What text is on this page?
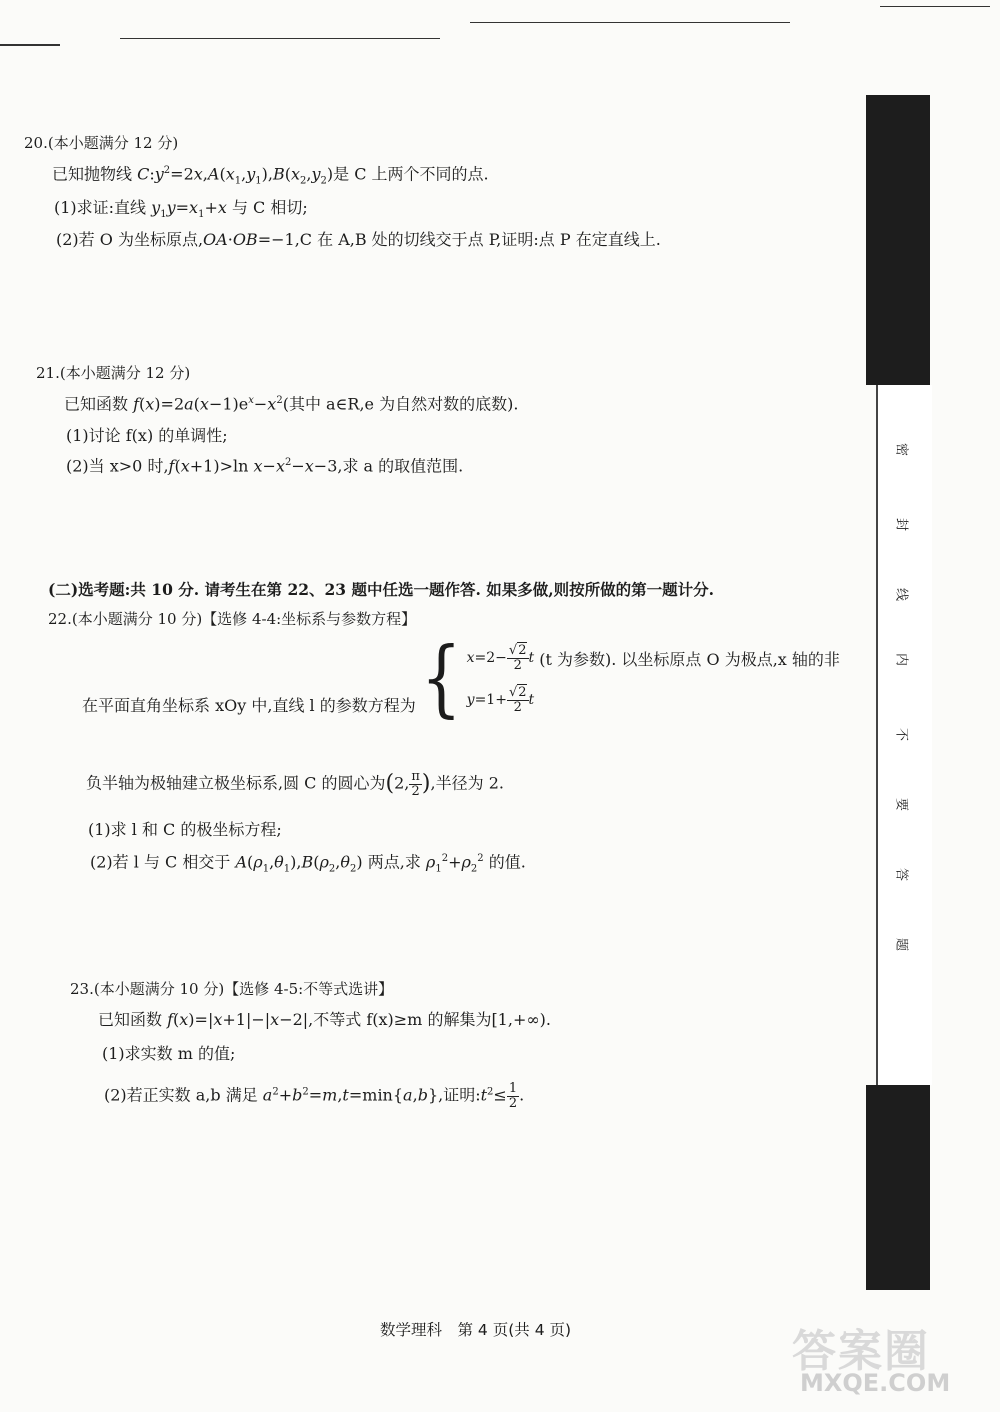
20.(本小题满分 12 分)
已知抛物线 $C:y^2=2x,A(x_1,y_1),B(x_2,y_2)$是 C 上两个不同的点.
(1)求证:直线 $y_1y=x_1+x$ 与 C 相切;
(2)若 O 为坐标原点,OA·OB=−1,C 在 A,B 处的切线交于点 P,证明:点 P 在定直线上.
21.(本小题满分 12 分)
已知函数 $f(x)=2a(x-1)e^x-x^2$(其中 a∈R,e 为自然对数的底数).
(1)讨论 f(x) 的单调性;
(2)当 x>0 时,f(x+1)>ln $x-x^2-x-3$,求 a 的取值范围.
(二)选考题:共 10 分. 请考生在第 22、23 题中任选一题作答. 如果多做,则按所做的第一题计分.
22.(本小题满分 10 分)【选修 4-4:坐标系与参数方程】
在平面直角坐标系 xOy 中,直线 l 的参数方程为 { $x=2- \frac{√2}{2}$ t
$y=1+ \frac{√2}{2}$ t
(t 为参数). 以坐标原点 O 为极点,x 轴的非
负半轴为极轴建立极坐标系,圆 C 的圆心为(2, $\frac{\pi}{2}$ ),半径为 2.
(1)求 l 和 C 的极坐标方程;
(2)若 l 与 C 相交于 $A(\rho_1,\theta_1),B(\rho_2,\theta_2)$ 两点,求 $\rho_1^2+\rho_2^2$ 的值.
23.(本小题满分 10 分)【选修 4-5:不等式选讲】
已知函数 f(x)=|x+1|−|x−2|,不等式 f(x)≥m 的解集为[1,+∞).
(1)求实数 m 的值;
(2)若正实数 a,b 满足 $a^2+b^2=m,t=\min\{a,b\}$,证明$:t^2\le \frac{1}{2}$ .
密
封
线
内
不
要
答
题
数学理科　第 4 页(共 4 页)	答案圈
MXQE.COM
